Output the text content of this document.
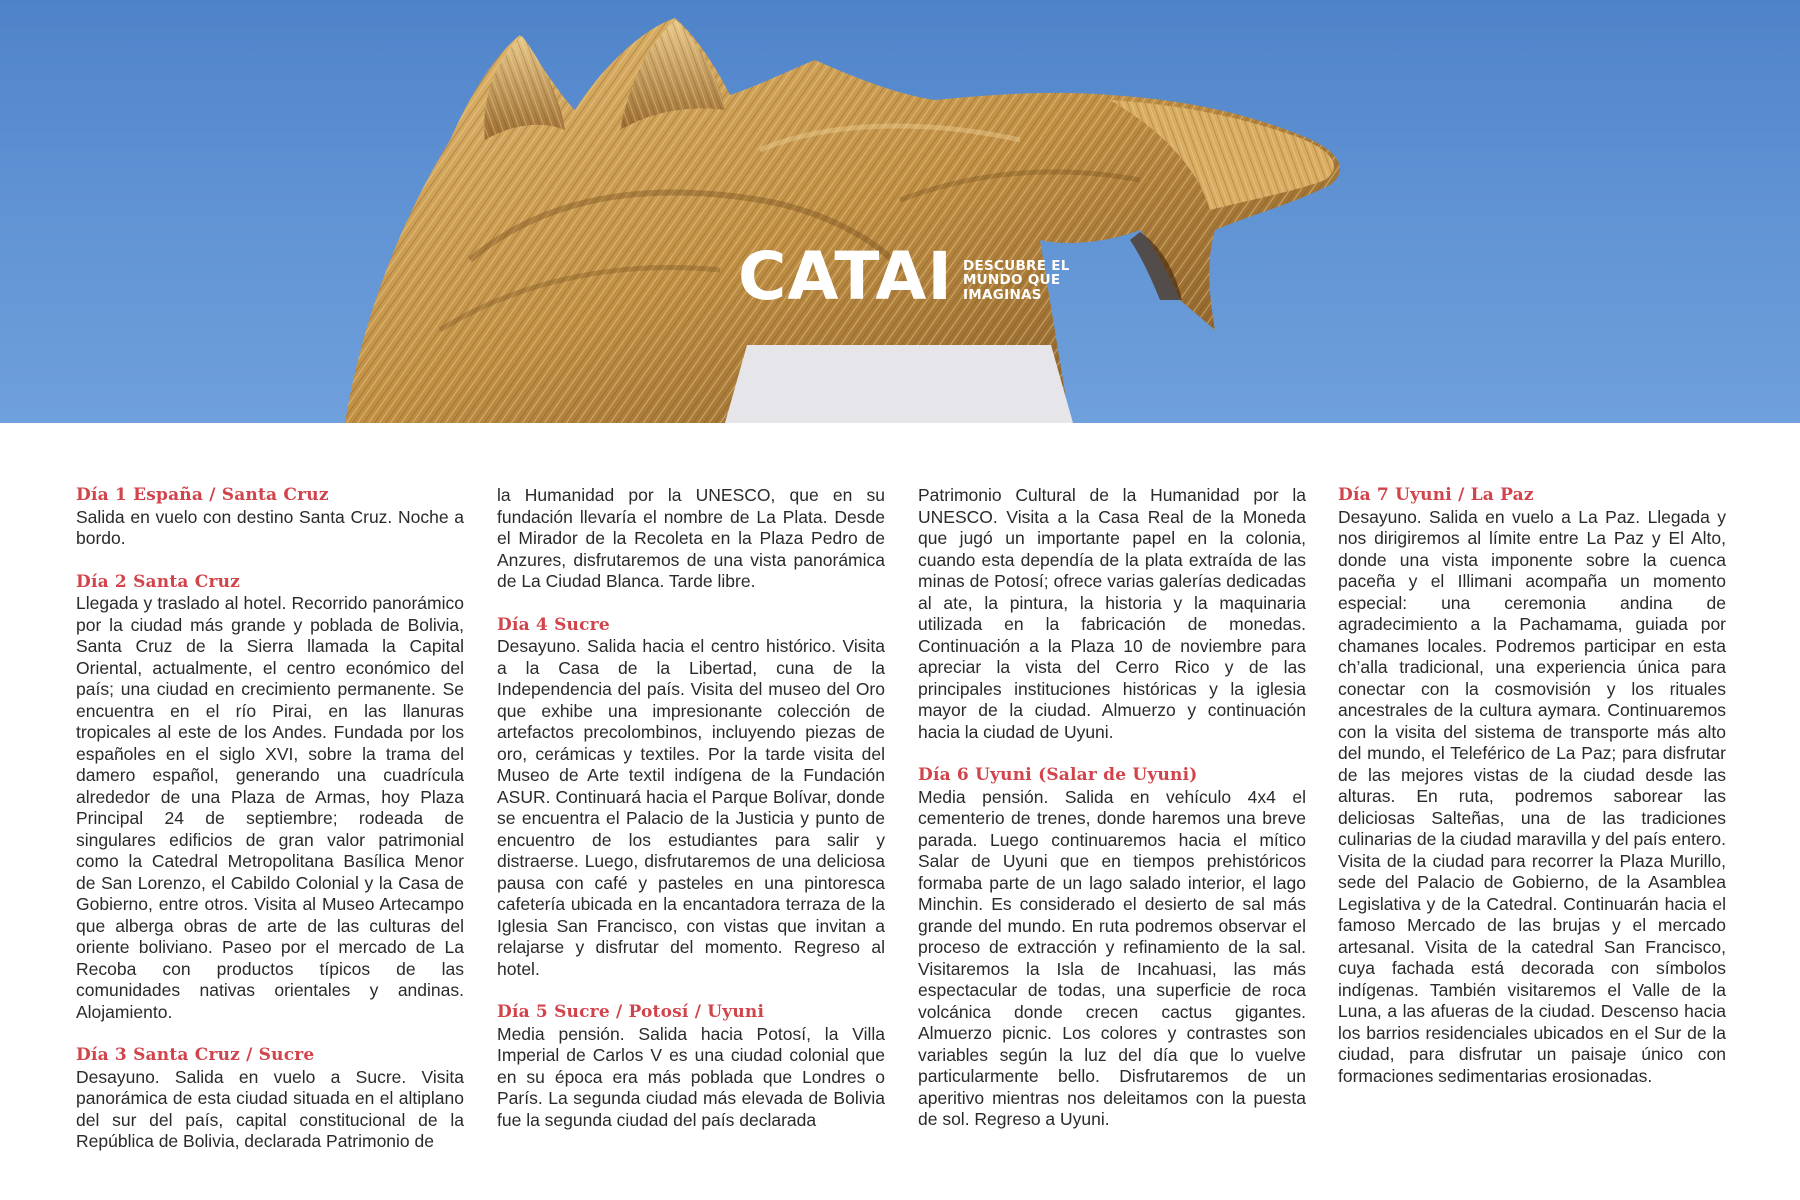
CATAI DESCUBRE EL
MUNDO QUE
IMAGINAS
Día 1 España / Santa Cruz

Salida en vuelo con destino Santa Cruz. Noche a bordo.

Día 2 Santa Cruz

Llegada y traslado al hotel. Recorrido panorámico por la ciudad más grande y poblada de Bolivia, Santa Cruz de la Sierra llamada la Capital Oriental, actualmente, el centro económico del país; una ciudad en crecimiento permanente. Se encuentra en el río Pirai, en las llanuras tropicales al este de los Andes. Fundada por los españoles en el siglo XVI, sobre la trama del damero español, generando una cuadrícula alrededor de una Plaza de Armas, hoy Plaza Principal 24 de septiembre; rodeada de singulares edificios de gran valor patrimonial como la Catedral Metropolitana Basílica Menor de San Lorenzo, el Cabildo Colonial y la Casa de Gobierno, entre otros. Visita al Museo Artecampo que alberga obras de arte de las culturas del oriente boliviano. Paseo por el mercado de La Recoba con productos típicos de las comunidades nativas orientales y andinas. Alojamiento.

Día 3 Santa Cruz / Sucre

Desayuno. Salida en vuelo a Sucre. Visita panorámica de esta ciudad situada en el altiplano del sur del país, capital constitucional de la República de Bolivia, declarada Patrimonio de

la Humanidad por la UNESCO, que en su fundación llevaría el nombre de La Plata. Desde el Mirador de la Recoleta en la Plaza Pedro de Anzures, disfrutaremos de una vista panorámica de La Ciudad Blanca. Tarde libre.

Día 4 Sucre

Desayuno. Salida hacia el centro histórico. Visita a la Casa de la Libertad, cuna de la Independencia del país. Visita del museo del Oro que exhibe una impresionante colección de artefactos precolombinos, incluyendo piezas de oro, cerámicas y textiles. Por la tarde visita del Museo de Arte textil indígena de la Fundación ASUR. Continuará hacia el Parque Bolívar, donde se encuentra el Palacio de la Justicia y punto de encuentro de los estudiantes para salir y distraerse. Luego, disfrutaremos de una deliciosa pausa con café y pasteles en una pintoresca cafetería ubicada en la encantadora terraza de la Iglesia San Francisco, con vistas que invitan a relajarse y disfrutar del momento. Regreso al hotel.

Día 5 Sucre / Potosí / Uyuni

Media pensión. Salida hacia Potosí, la Villa Imperial de Carlos V es una ciudad colonial que en su época era más poblada que Londres o París. La segunda ciudad más elevada de Bolivia fue la segunda ciudad del país declarada

Patrimonio Cultural de la Humanidad por la UNESCO. Visita a la Casa Real de la Moneda que jugó un importante papel en la colonia, cuando esta dependía de la plata extraída de las minas de Potosí; ofrece varias galerías dedicadas al ate, la pintura, la historia y la maquinaria utilizada en la fabricación de monedas. Continuación a la Plaza 10 de noviembre para apreciar la vista del Cerro Rico y de las principales instituciones históricas y la iglesia mayor de la ciudad. Almuerzo y continuación hacia la ciudad de Uyuni.

Día 6 Uyuni (Salar de Uyuni)

Media pensión. Salida en vehículo 4x4 el cementerio de trenes, donde haremos una breve parada. Luego continuaremos hacia el mítico Salar de Uyuni que en tiempos prehistóricos formaba parte de un lago salado interior, el lago Minchin. Es considerado el desierto de sal más grande del mundo. En ruta podremos observar el proceso de extracción y refinamiento de la sal. Visitaremos la Isla de Incahuasi, las más espectacular de todas, una superficie de roca volcánica donde crecen cactus gigantes. Almuerzo picnic. Los colores y contrastes son variables según la luz del día que lo vuelve particularmente bello. Disfrutaremos de un aperitivo mientras nos deleitamos con la puesta de sol. Regreso a Uyuni.

Día 7 Uyuni / La Paz

Desayuno. Salida en vuelo a La Paz. Llegada y nos dirigiremos al límite entre La Paz y El Alto, donde una vista imponente sobre la cuenca paceña y el Illimani acompaña un momento especial: una ceremonia andina de agradecimiento a la Pachamama, guiada por chamanes locales. Podremos participar en esta ch’alla tradicional, una experiencia única para conectar con la cosmovisión y los rituales ancestrales de la cultura aymara. Continuaremos con la visita del sistema de transporte más alto del mundo, el Teleférico de La Paz; para disfrutar de las mejores vistas de la ciudad desde las alturas. En ruta, podremos saborear las deliciosas Salteñas, una de las tradiciones culinarias de la ciudad maravilla y del país entero. Visita de la ciudad para recorrer la Plaza Murillo, sede del Palacio de Gobierno, de la Asamblea Legislativa y de la Catedral. Continuarán hacia el famoso Mercado de las brujas y el mercado artesanal. Visita de la catedral San Francisco, cuya fachada está decorada con símbolos indígenas. También visitaremos el Valle de la Luna, a las afueras de la ciudad. Descenso hacia los barrios residenciales ubicados en el Sur de la ciudad, para disfrutar un paisaje único con formaciones sedimentarias erosionadas.
